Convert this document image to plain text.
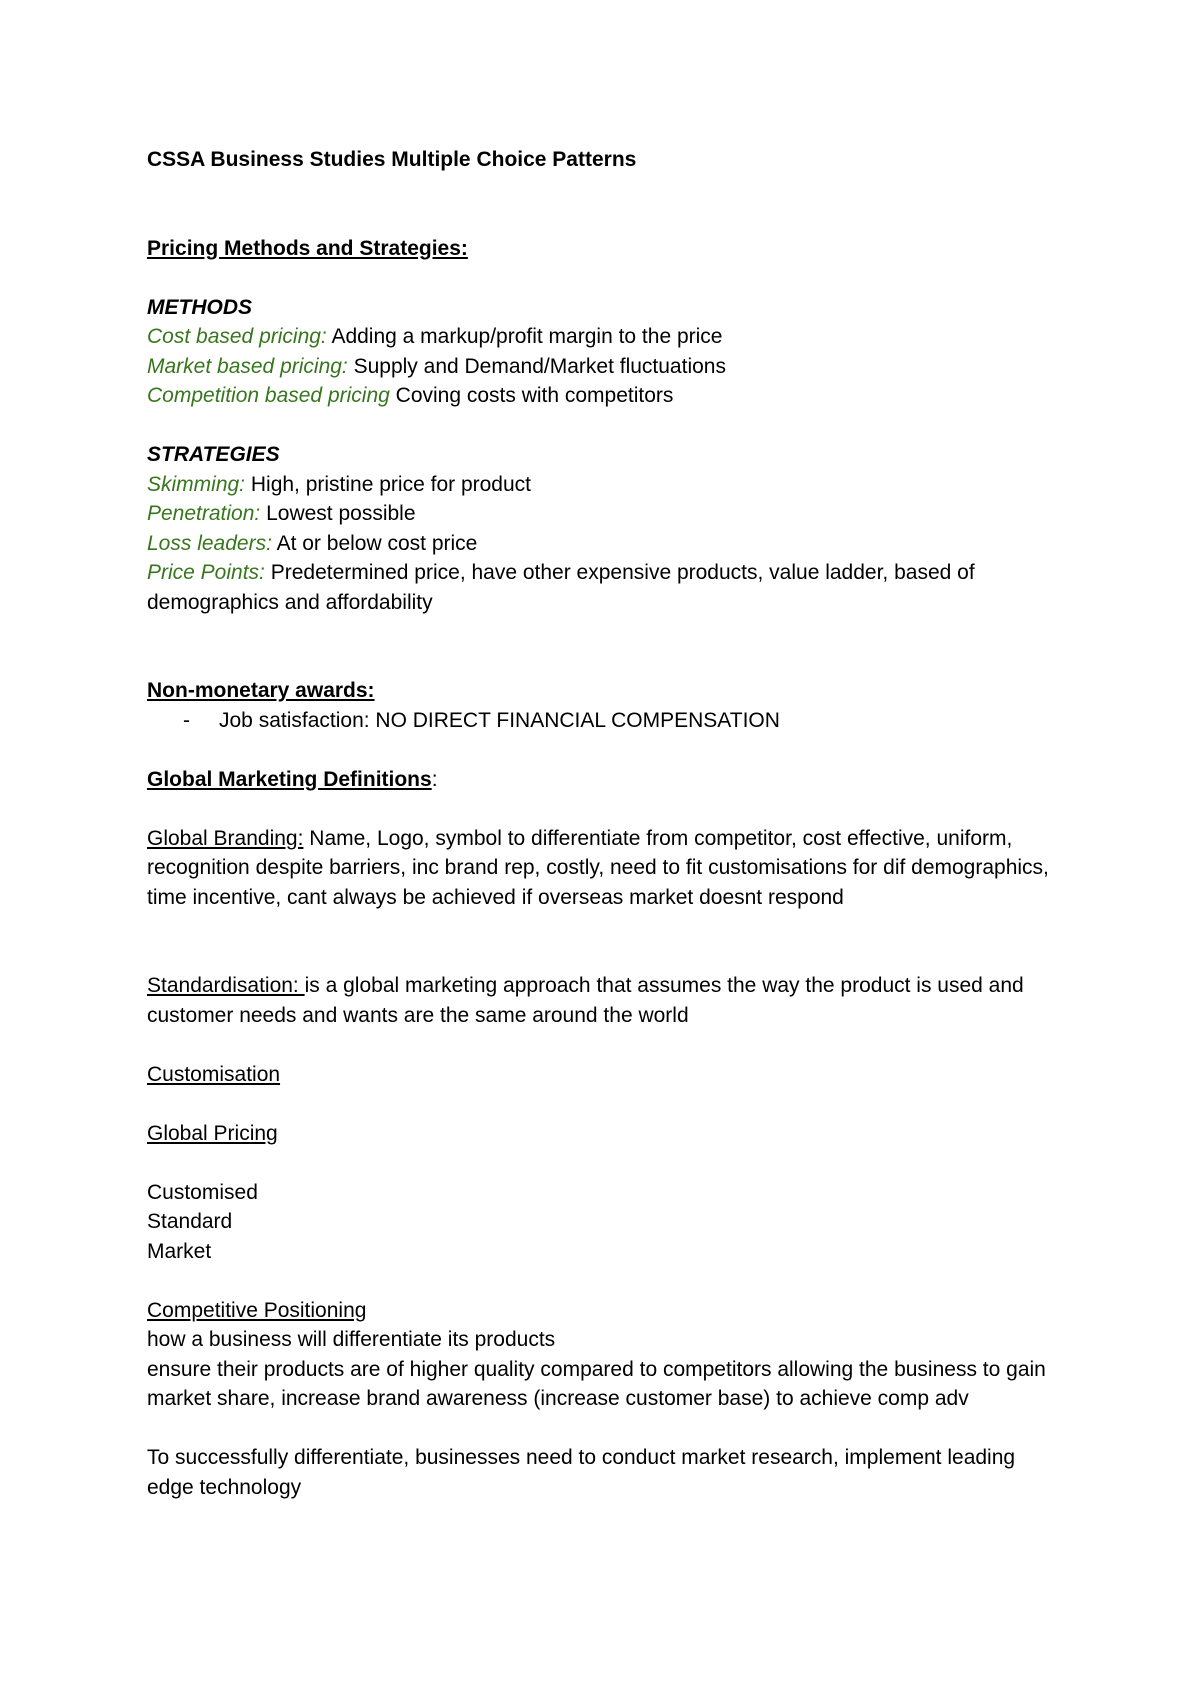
CSSA Business Studies Multiple Choice Patterns

Pricing Methods and Strategies:

METHODS

Cost based pricing: Adding a markup/profit margin to the price

Market based pricing: Supply and Demand/Market fluctuations

Competition based pricing Coving costs with competitors

STRATEGIES

Skimming: High, pristine price for product

Penetration: Lowest possible

Loss leaders: At or below cost price

Price Points: Predetermined price, have other expensive products, value ladder, based of demographics and affordability

Non-monetary awards:

-	Job satisfaction: NO DIRECT FINANCIAL COMPENSATION

Global Marketing Definitions:

Global Branding: Name, Logo, symbol to differentiate from competitor, cost effective, uniform, recognition despite barriers, inc brand rep, costly, need to fit customisations for dif demographics, time incentive, cant always be achieved if overseas market doesnt respond

Standardisation: is a global marketing approach that assumes the way the product is used and customer needs and wants are the same around the world

Customisation

Global Pricing

Customised

Standard

Market

Competitive Positioning

how a business will differentiate its products

ensure their products are of higher quality compared to competitors allowing the business to gain market share, increase brand awareness (increase customer base) to achieve comp adv

To successfully differentiate, businesses need to conduct market research, implement leading edge technology
